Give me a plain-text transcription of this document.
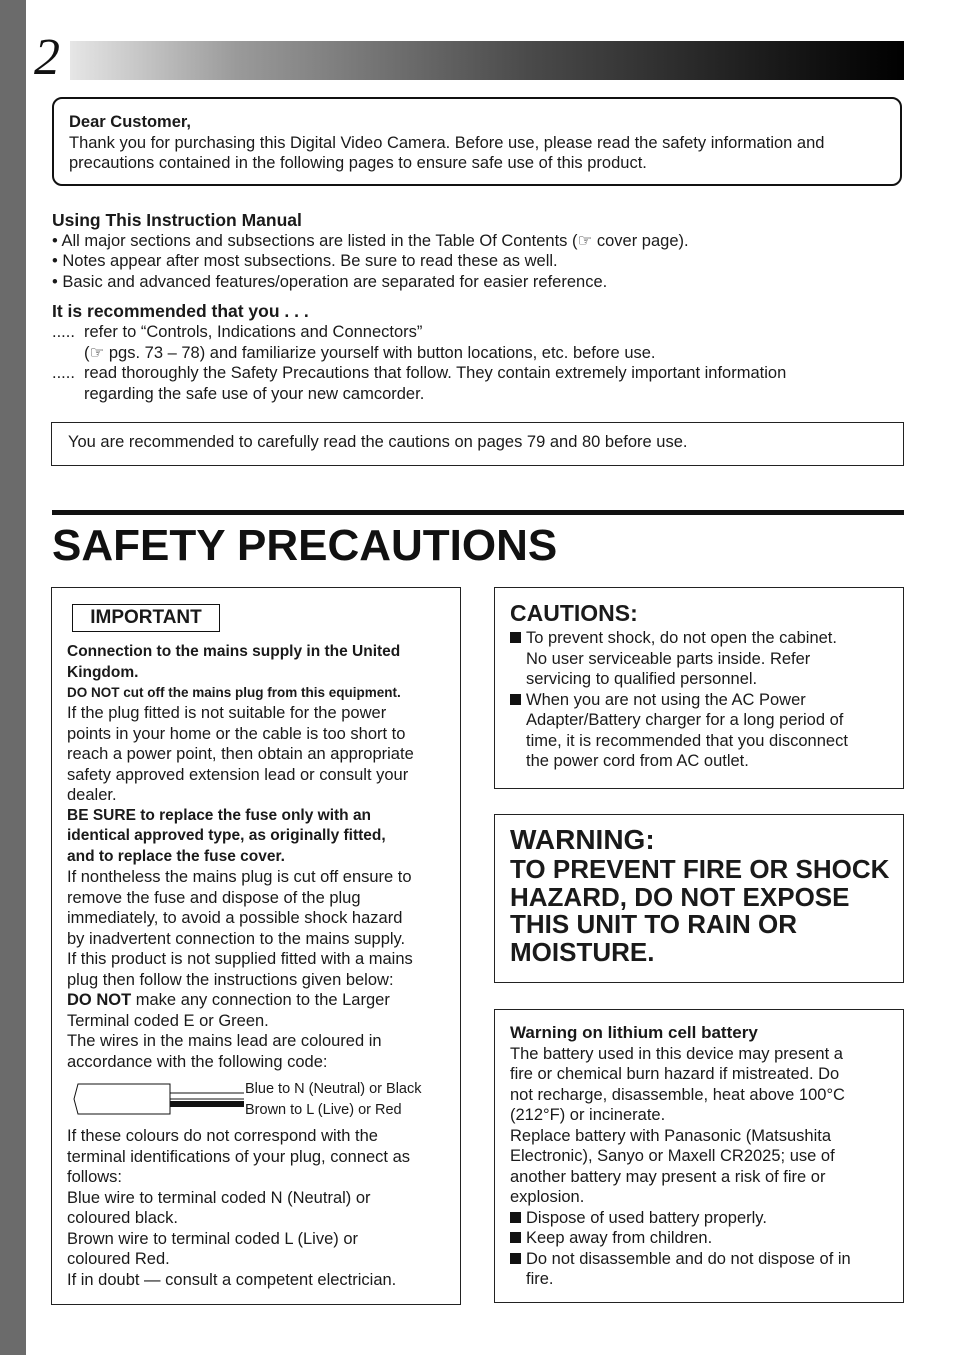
2
Dear Customer,
Thank you for purchasing this Digital Video Camera. Before use, please read the safety information and
precautions contained in the following pages to ensure safe use of this product.
Using This Instruction Manual
• All major sections and subsections are listed in the Table Of Contents (☞ cover page).
• Notes appear after most subsections. Be sure to read these as well.
• Basic and advanced features/operation are separated for easier reference.
It is recommended that you . . .
..... refer to “Controls, Indications and Connectors”
(☞ pgs. 73 – 78) and familiarize yourself with button locations, etc. before use.
..... read thoroughly the Safety Precautions that follow. They contain extremely important information
regarding the safe use of your new camcorder.
You are recommended to carefully read the cautions on pages 79 and 80 before use.
SAFETY PRECAUTIONS
IMPORTANT
Connection to the mains supply in the United
Kingdom.
DO NOT cut off the mains plug from this equipment.
If the plug fitted is not suitable for the power
points in your home or the cable is too short to
reach a power point, then obtain an appropriate
safety approved extension lead or consult your
dealer.
BE SURE to replace the fuse only with an
identical approved type, as originally fitted,
and to replace the fuse cover.
If nontheless the mains plug is cut off ensure to
remove the fuse and dispose of the plug
immediately, to avoid a possible shock hazard
by inadvertent connection to the mains supply.
If this product is not supplied fitted with a mains
plug then follow the instructions given below:
DO NOT make any connection to the Larger
Terminal coded E or Green.
The wires in the mains lead are coloured in
accordance with the following code:
Blue to N (Neutral) or Black
Brown to L (Live) or Red
If these colours do not correspond with the
terminal identifications of your plug, connect as
follows:
Blue wire to terminal coded N (Neutral) or
coloured black.
Brown wire to terminal coded L (Live) or
coloured Red.
If in doubt — consult a competent electrician.
CAUTIONS:
To prevent shock, do not open the cabinet.
No user serviceable parts inside. Refer
servicing to qualified personnel.
When you are not using the AC Power
Adapter/Battery charger for a long period of
time, it is recommended that you disconnect
the power cord from AC outlet.
WARNING:
TO PREVENT FIRE OR SHOCK
HAZARD, DO NOT EXPOSE
THIS UNIT TO RAIN OR
MOISTURE.
Warning on lithium cell battery
The battery used in this device may present a
fire or chemical burn hazard if mistreated. Do
not recharge, disassemble, heat above 100°C
(212°F) or incinerate.
Replace battery with Panasonic (Matsushita
Electronic), Sanyo or Maxell CR2025; use of
another battery may present a risk of fire or
explosion.
Dispose of used battery properly.
Keep away from children.
Do not disassemble and do not dispose of in
fire.
